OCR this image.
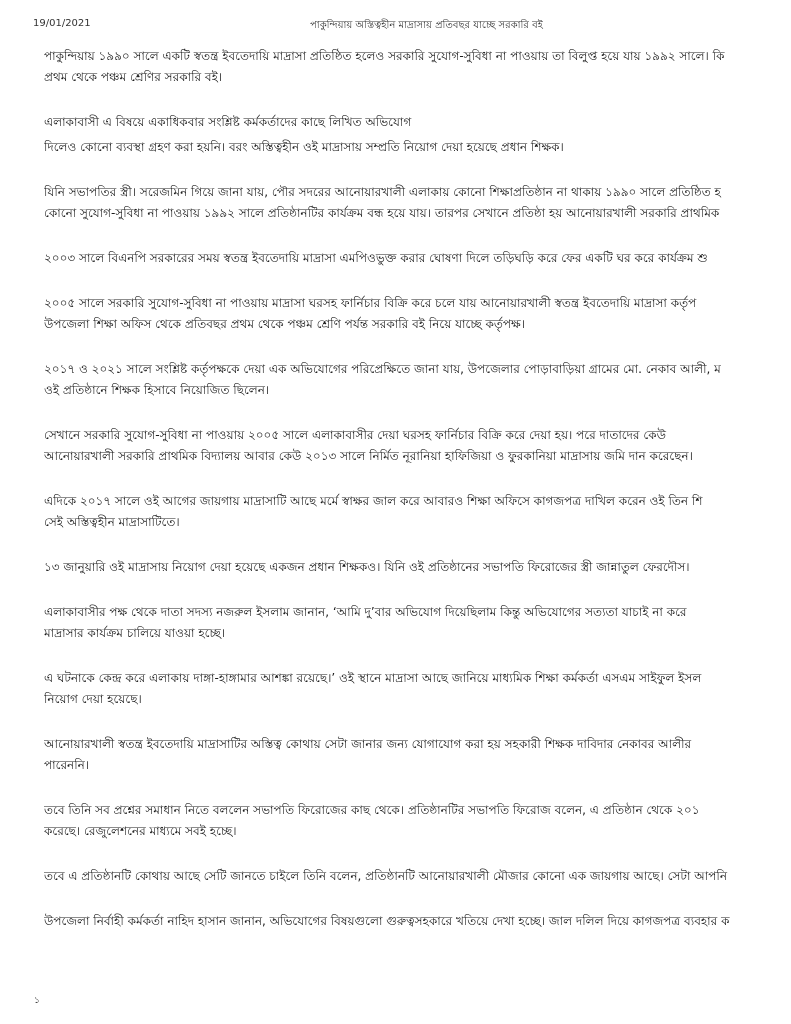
19/01/2021	পাকুন্দিয়ায় অস্তিত্বহীন মাদ্রাসায় প্রতিবছর যাচ্ছে সরকারি বই

পাকুন্দিয়ায় ১৯৯০ সালে একটি স্বতন্ত্র ইবতেদায়ি মাদ্রাসা প্রতিষ্ঠিত হলেও সরকারি সুযোগ-সুবিধা না পাওয়ায় তা বিলুপ্ত হয়ে যায় ১৯৯২ সালে। কি
প্রথম থেকে পঞ্চম শ্রেণির সরকারি বই।

এলাকাবাসী এ বিষয়ে একাধিকবার সংশ্লিষ্ট কর্মকর্তাদের কাছে লিখিত অভিযোগ

দিলেও কোনো ব্যবস্থা গ্রহণ করা হয়নি। বরং অস্তিত্বহীন ওই মাদ্রাসায় সম্প্রতি নিয়োগ দেয়া হয়েছে প্রধান শিক্ষক।

যিনি সভাপতির স্ত্রী। সরেজমিন গিয়ে জানা যায়, পৌর সদরের আনোয়ারখালী এলাকায় কোনো শিক্ষাপ্রতিষ্ঠান না থাকায় ১৯৯০ সালে প্রতিষ্ঠিত হ
কোনো সুযোগ-সুবিধা না পাওয়ায় ১৯৯২ সালে প্রতিষ্ঠানটির কার্যক্রম বন্ধ হয়ে যায়। তারপর সেখানে প্রতিষ্ঠা হয় আনোয়ারখালী সরকারি প্রাথমিক

২০০৩ সালে বিএনপি সরকারের সময় স্বতন্ত্র ইবতেদায়ি মাদ্রাসা এমপিওভুক্ত করার ঘোষণা দিলে তড়িঘড়ি করে ফের একটি ঘর করে কার্যক্রম শু

২০০৫ সালে সরকারি সুযোগ-সুবিধা না পাওয়ায় মাদ্রাসা ঘরসহ ফার্নিচার বিক্রি করে চলে যায় আনোয়ারখালী স্বতন্ত্র ইবতেদায়ি মাদ্রাসা কর্তৃপ
উপজেলা শিক্ষা অফিস থেকে প্রতিবছর প্রথম থেকে পঞ্চম শ্রেণি পর্যন্ত সরকারি বই নিয়ে যাচ্ছে কর্তৃপক্ষ।

২০১৭ ও ২০২১ সালে সংশ্লিষ্ট কর্তৃপক্ষকে দেয়া এক অভিযোগের পরিপ্রেক্ষিতে জানা যায়, উপজেলার পোড়াবাড়িয়া গ্রামের মো. নেকাব আলী, ম
ওই প্রতিষ্ঠানে শিক্ষক হিসাবে নিয়োজিত ছিলেন।

সেখানে সরকারি সুযোগ-সুবিধা না পাওয়ায় ২০০৫ সালে এলাকাবাসীর দেয়া ঘরসহ ফার্নিচার বিক্রি করে দেয়া হয়। পরে দাতাদের কেউ
আনোয়ারখালী সরকারি প্রাথমিক বিদ্যালয় আবার কেউ ২০১৩ সালে নির্মিত নূরানিয়া হাফিজিয়া ও ফুরকানিয়া মাদ্রাসায় জমি দান করেছেন।

এদিকে ২০১৭ সালে ওই আগের জায়গায় মাদ্রাসাটি আছে মর্মে স্বাক্ষর জাল করে আবারও শিক্ষা অফিসে কাগজপত্র দাখিল করেন ওই তিন শি
সেই অস্তিত্বহীন মাদ্রাসাটিতে।

১৩ জানুয়ারি ওই মাদ্রাসায় নিয়োগ দেয়া হয়েছে একজন প্রধান শিক্ষকও। যিনি ওই প্রতিষ্ঠানের সভাপতি ফিরোজের স্ত্রী জান্নাতুল ফেরদৌস।

এলাকাবাসীর পক্ষ থেকে দাতা সদস্য নজরুল ইসলাম জানান, ‘আমি দু’বার অভিযোগ দিয়েছিলাম কিন্তু অভিযোগের সত্যতা যাচাই না করে
মাদ্রাসার কার্যক্রম চালিয়ে যাওয়া হচ্ছে।

এ ঘটনাকে কেন্দ্র করে এলাকায় দাঙ্গা-হাঙ্গামার আশঙ্কা রয়েছে।’ ওই স্থানে মাদ্রাসা আছে জানিয়ে মাধ্যমিক শিক্ষা কর্মকর্তা এসএম সাইফুল ইসল
নিয়োগ দেয়া হয়েছে।

আনোয়ারখালী স্বতন্ত্র ইবতেদায়ি মাদ্রাসাটির অস্তিত্ব কোথায় সেটা জানার জন্য যোগাযোগ করা হয় সহকারী শিক্ষক দাবিদার নেকাবর আলীর
পারেননি।

তবে তিনি সব প্রশ্নের সমাধান নিতে বললেন সভাপতি ফিরোজের কাছ থেকে। প্রতিষ্ঠানটির সভাপতি ফিরোজ বলেন, এ প্রতিষ্ঠান থেকে ২০১
করেছে। রেজুলেশনের মাধ্যমে সবই হচ্ছে।

তবে এ প্রতিষ্ঠানটি কোথায় আছে সেটি জানতে চাইলে তিনি বলেন, প্রতিষ্ঠানটি আনোয়ারখালী মৌজার কোনো এক জায়গায় আছে। সেটা আপনি

উপজেলা নির্বাহী কর্মকর্তা নাহিদ হাসান জানান, অভিযোগের বিষয়গুলো গুরুত্বসহকারে খতিয়ে দেখা হচ্ছে। জাল দলিল দিয়ে কাগজপত্র ব্যবহার ক

১
